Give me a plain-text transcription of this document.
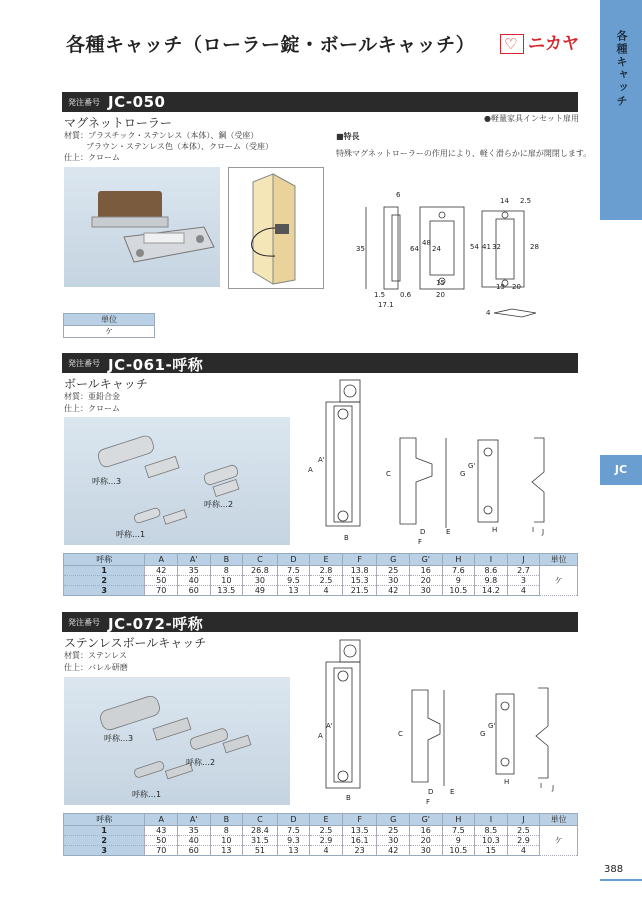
各種キャッチ（ローラー錠・ボールキャッチ） ♡ ニカヤ	各種キャッチ
JC
発注番号 JC-050
マグネットローラー	●軽量家具インセット扉用
材質：プラスチック・ステンレス（本体）、鋼（受座）
ブラウン・ステンレス色（本体）、クローム（受座）
仕上：クローム
■特長
特殊マグネットローラーの作用により、軽く滑らかに扉が開閉します。
6
35
1.5 0.6
17.1
64
48
24
15
20
14 2.5
54 41 32	28
15 20
4
単位
ケ
発注番号 JC-061-呼称
ボールキャッチ
材質：亜鉛合金
仕上：クローム
呼称…3
呼称…2
呼称…1
A
A'
B
C
D	E
F
G
G'
H	I J
呼称	A	A'	B	C	D	E	F	G	G'	H	I	J	単位
1	42	35	8	26.8	7.5	2.8	13.8	25	16	7.6	8.6	2.7	ケ
2	50	40	10	30	9.5	2.5	15.3	30	20	9	9.8	3	
3	70	60	13.5	49	13	4	21.5	42	30	10.5	14.2	4	
発注番号 JC-072-呼称
ステンレスボールキャッチ
材質：ステンレス
仕上：バレル研磨
呼称…3
呼称…2
呼称…1
A
A'
B
C
D E
F
G
G'
H	I J
呼称	A	A'	B	C	D	E	F	G	G'	H	I	J	単位
1	43	35	8	28.4	7.5	2.5	13.5	25	16	7.5	8.5	2.5	ケ
2	50	40	10	31.5	9.3	2.9	16.1	30	20	9	10.3	2.9	
3	70	60	13	51	13	4	23	42	30	10.5	15	4	
388
